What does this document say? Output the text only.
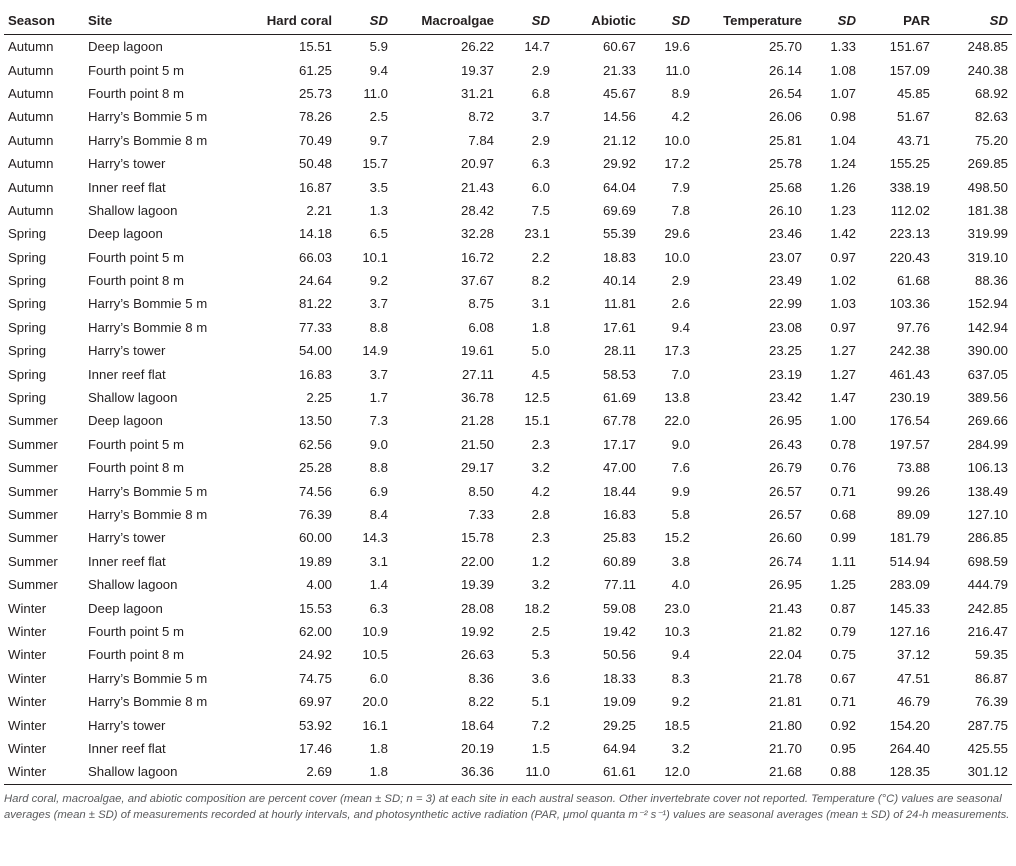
Season	Site	Hard coral	SD	Macroalgae	SD	Abiotic	SD	Temperature	SD	PAR	SD
Autumn	Deep lagoon	15.51	5.9	26.22	14.7	60.67	19.6	25.70	1.33	151.67	248.85
Autumn	Fourth point 5 m	61.25	9.4	19.37	2.9	21.33	11.0	26.14	1.08	157.09	240.38
Autumn	Fourth point 8 m	25.73	11.0	31.21	6.8	45.67	8.9	26.54	1.07	45.85	68.92
Autumn	Harry’s Bommie 5 m	78.26	2.5	8.72	3.7	14.56	4.2	26.06	0.98	51.67	82.63
Autumn	Harry’s Bommie 8 m	70.49	9.7	7.84	2.9	21.12	10.0	25.81	1.04	43.71	75.20
Autumn	Harry’s tower	50.48	15.7	20.97	6.3	29.92	17.2	25.78	1.24	155.25	269.85
Autumn	Inner reef flat	16.87	3.5	21.43	6.0	64.04	7.9	25.68	1.26	338.19	498.50
Autumn	Shallow lagoon	2.21	1.3	28.42	7.5	69.69	7.8	26.10	1.23	112.02	181.38
Spring	Deep lagoon	14.18	6.5	32.28	23.1	55.39	29.6	23.46	1.42	223.13	319.99
Spring	Fourth point 5 m	66.03	10.1	16.72	2.2	18.83	10.0	23.07	0.97	220.43	319.10
Spring	Fourth point 8 m	24.64	9.2	37.67	8.2	40.14	2.9	23.49	1.02	61.68	88.36
Spring	Harry’s Bommie 5 m	81.22	3.7	8.75	3.1	11.81	2.6	22.99	1.03	103.36	152.94
Spring	Harry’s Bommie 8 m	77.33	8.8	6.08	1.8	17.61	9.4	23.08	0.97	97.76	142.94
Spring	Harry’s tower	54.00	14.9	19.61	5.0	28.11	17.3	23.25	1.27	242.38	390.00
Spring	Inner reef flat	16.83	3.7	27.11	4.5	58.53	7.0	23.19	1.27	461.43	637.05
Spring	Shallow lagoon	2.25	1.7	36.78	12.5	61.69	13.8	23.42	1.47	230.19	389.56
Summer	Deep lagoon	13.50	7.3	21.28	15.1	67.78	22.0	26.95	1.00	176.54	269.66
Summer	Fourth point 5 m	62.56	9.0	21.50	2.3	17.17	9.0	26.43	0.78	197.57	284.99
Summer	Fourth point 8 m	25.28	8.8	29.17	3.2	47.00	7.6	26.79	0.76	73.88	106.13
Summer	Harry’s Bommie 5 m	74.56	6.9	8.50	4.2	18.44	9.9	26.57	0.71	99.26	138.49
Summer	Harry’s Bommie 8 m	76.39	8.4	7.33	2.8	16.83	5.8	26.57	0.68	89.09	127.10
Summer	Harry’s tower	60.00	14.3	15.78	2.3	25.83	15.2	26.60	0.99	181.79	286.85
Summer	Inner reef flat	19.89	3.1	22.00	1.2	60.89	3.8	26.74	1.11	514.94	698.59
Summer	Shallow lagoon	4.00	1.4	19.39	3.2	77.11	4.0	26.95	1.25	283.09	444.79
Winter	Deep lagoon	15.53	6.3	28.08	18.2	59.08	23.0	21.43	0.87	145.33	242.85
Winter	Fourth point 5 m	62.00	10.9	19.92	2.5	19.42	10.3	21.82	0.79	127.16	216.47
Winter	Fourth point 8 m	24.92	10.5	26.63	5.3	50.56	9.4	22.04	0.75	37.12	59.35
Winter	Harry’s Bommie 5 m	74.75	6.0	8.36	3.6	18.33	8.3	21.78	0.67	47.51	86.87
Winter	Harry’s Bommie 8 m	69.97	20.0	8.22	5.1	19.09	9.2	21.81	0.71	46.79	76.39
Winter	Harry’s tower	53.92	16.1	18.64	7.2	29.25	18.5	21.80	0.92	154.20	287.75
Winter	Inner reef flat	17.46	1.8	20.19	1.5	64.94	3.2	21.70	0.95	264.40	425.55
Winter	Shallow lagoon	2.69	1.8	36.36	11.0	61.61	12.0	21.68	0.88	128.35	301.12
Hard coral, macroalgae, and abiotic composition are percent cover (mean ± SD; n = 3) at each site in each austral season. Other invertebrate cover not reported. Temperature (°C) values are seasonal averages (mean ± SD) of measurements recorded at hourly intervals, and photosynthetic active radiation (PAR, μmol quanta m⁻² s⁻¹) values are seasonal averages (mean ± SD) of 24-h measurements.
